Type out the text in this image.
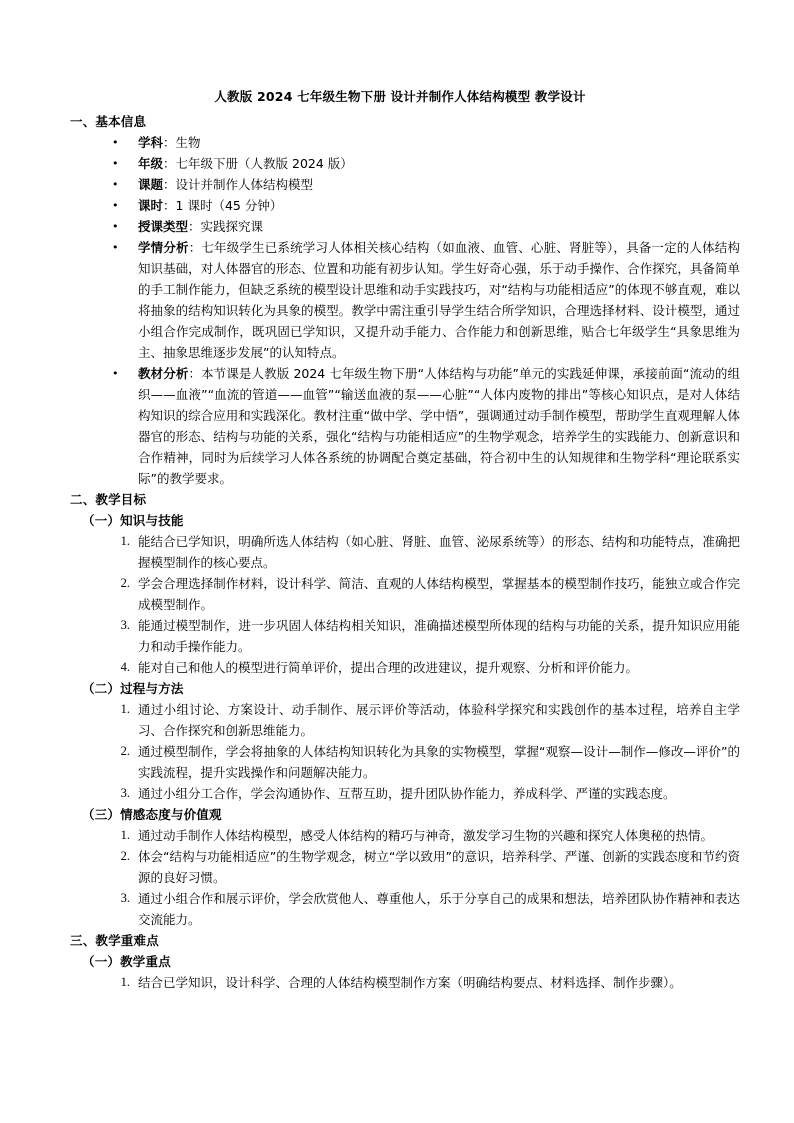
人教版 2024 七年级生物下册 设计并制作人体结构模型 教学设计
一、基本信息
• 学科：生物
• 年级：七年级下册（人教版 2024 版）
• 课题：设计并制作人体结构模型
• 课时：1 课时（45 分钟）
• 授课类型：实践探究课
• 学情分析：七年级学生已系统学习人体相关核心结构（如血液、血管、心脏、肾脏等），具备一定的人体结构知识基础，对人体器官的形态、位置和功能有初步认知。学生好奇心强，乐于动手操作、合作探究，具备简单的手工制作能力，但缺乏系统的模型设计思维和动手实践技巧，对“结构与功能相适应”的体现不够直观，难以将抽象的结构知识转化为具象的模型。教学中需注重引导学生结合所学知识，合理选择材料、设计模型，通过小组合作完成制作，既巩固已学知识，又提升动手能力、合作能力和创新思维，贴合七年级学生“具象思维为主、抽象思维逐步发展”的认知特点。
• 教材分析：本节课是人教版 2024 七年级生物下册“人体结构与功能”单元的实践延伸课，承接前面“流动的组织——血液”“血流的管道——血管”“输送血液的泵——心脏”“人体内废物的排出”等核心知识点，是对人体结构知识的综合应用和实践深化。教材注重“做中学、学中悟”，强调通过动手制作模型，帮助学生直观理解人体器官的形态、结构与功能的关系，强化“结构与功能相适应”的生物学观念，培养学生的实践能力、创新意识和合作精神，同时为后续学习人体各系统的协调配合奠定基础，符合初中生的认知规律和生物学科“理论联系实际”的教学要求。
二、教学目标
（一）知识与技能
能结合已学知识，明确所选人体结构（如心脏、肾脏、血管、泌尿系统等）的形态、结构和功能特点，准确把握模型制作的核心要点。
学会合理选择制作材料，设计科学、简洁、直观的人体结构模型，掌握基本的模型制作技巧，能独立或合作完成模型制作。
能通过模型制作，进一步巩固人体结构相关知识，准确描述模型所体现的结构与功能的关系，提升知识应用能力和动手操作能力。
能对自己和他人的模型进行简单评价，提出合理的改进建议，提升观察、分析和评价能力。
（二）过程与方法
通过小组讨论、方案设计、动手制作、展示评价等活动，体验科学探究和实践创作的基本过程，培养自主学习、合作探究和创新思维能力。
通过模型制作，学会将抽象的人体结构知识转化为具象的实物模型，掌握“观察—设计—制作—修改—评价”的实践流程，提升实践操作和问题解决能力。
通过小组分工合作，学会沟通协作、互帮互助，提升团队协作能力，养成科学、严谨的实践态度。
（三）情感态度与价值观
通过动手制作人体结构模型，感受人体结构的精巧与神奇，激发学习生物的兴趣和探究人体奥秘的热情。
体会“结构与功能相适应”的生物学观念，树立“学以致用”的意识，培养科学、严谨、创新的实践态度和节约资源的良好习惯。
通过小组合作和展示评价，学会欣赏他人、尊重他人，乐于分享自己的成果和想法，培养团队协作精神和表达交流能力。
三、教学重难点
（一）教学重点
结合已学知识，设计科学、合理的人体结构模型制作方案（明确结构要点、材料选择、制作步骤）。
